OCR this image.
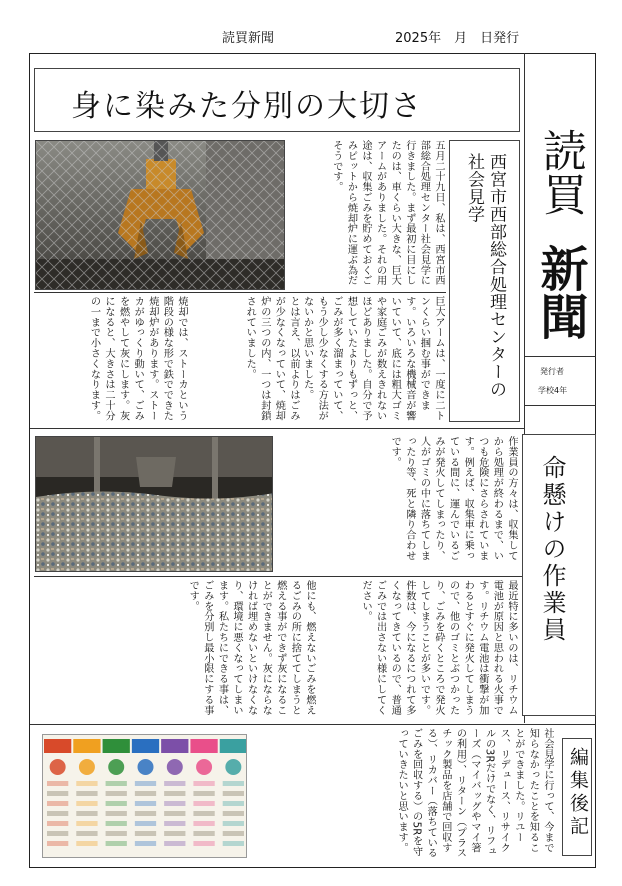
読買新聞	2025年　月　日発行
身に染みた分別の大切さ
読買
新聞
発行者
学校4年
西宮市西部総合処理センターの社会見学
五月二十九日、私は、西宮市西部総合処理センター社会見学に行きました。まず最初に目にしたのは、車くらい大きな、巨大アームがありました。それの用途は、収集ごみを貯めておくごみピットから焼却炉に運ぶ為だそうです。
巨大アームは、一度に二トンくらい掴む事ができます。いろいろな機械音が響いていて、底には粗大ゴミや家庭ごみが数えきれないほどありました。自分で予想していたよりもずっと、ごみが多く溜まっていて、もう少し少なくする方法がないかと思いました。
とは言え、以前よりはごみが少なくなっていて、焼却炉の三つの内、一つは封鎖されていました。
焼却では、ストーカという階段の様な形で鉄でできた焼却炉があります。ストーカがゆっくり動いて、ごみを燃やして灰にします。灰になると、大きさは二十分の一まで小さくなります。
命懸けの作業員
作業員の方々は、収集してから処理が終わるまで、いつも危険にさらされています。例えば、収集車に乗っている間に、運んでいるごみが発火してしまったり、人がゴミの中に落ちてしまったり等、死と隣り合わせです。
最近特に多いのは、リチウム電池が原因と思われる火事です。リチウム電池は衝撃が加わるとすぐに発火してしまうので、他のゴミとぶつかったり、ごみを砕くところで発火してしまうことが多いです。件数は、今になるにつれて多くなってきているので、普通ごみでは出さない様にしてください。
他にも、燃えないごみを燃えるごみの所に捨ててしまうと燃える事ができず灰になることができません。灰にならなければ埋めないといけなくなり、環境に悪くなってしまいます。私たちにできる事は、ごみを分別し最小限にする事です。
社会見学に行って、今まで知らなかったことを知ることができました。リユース、リデュース、リサイクルの3Rだけでなく、リフューズ（マイバッグやマイ箸の利用）、リターン（プラスチック製品を店舗で回収する）、リカバー（落ちているごみを回収する）の5Rを守っていきたいと思います。	編集後記
